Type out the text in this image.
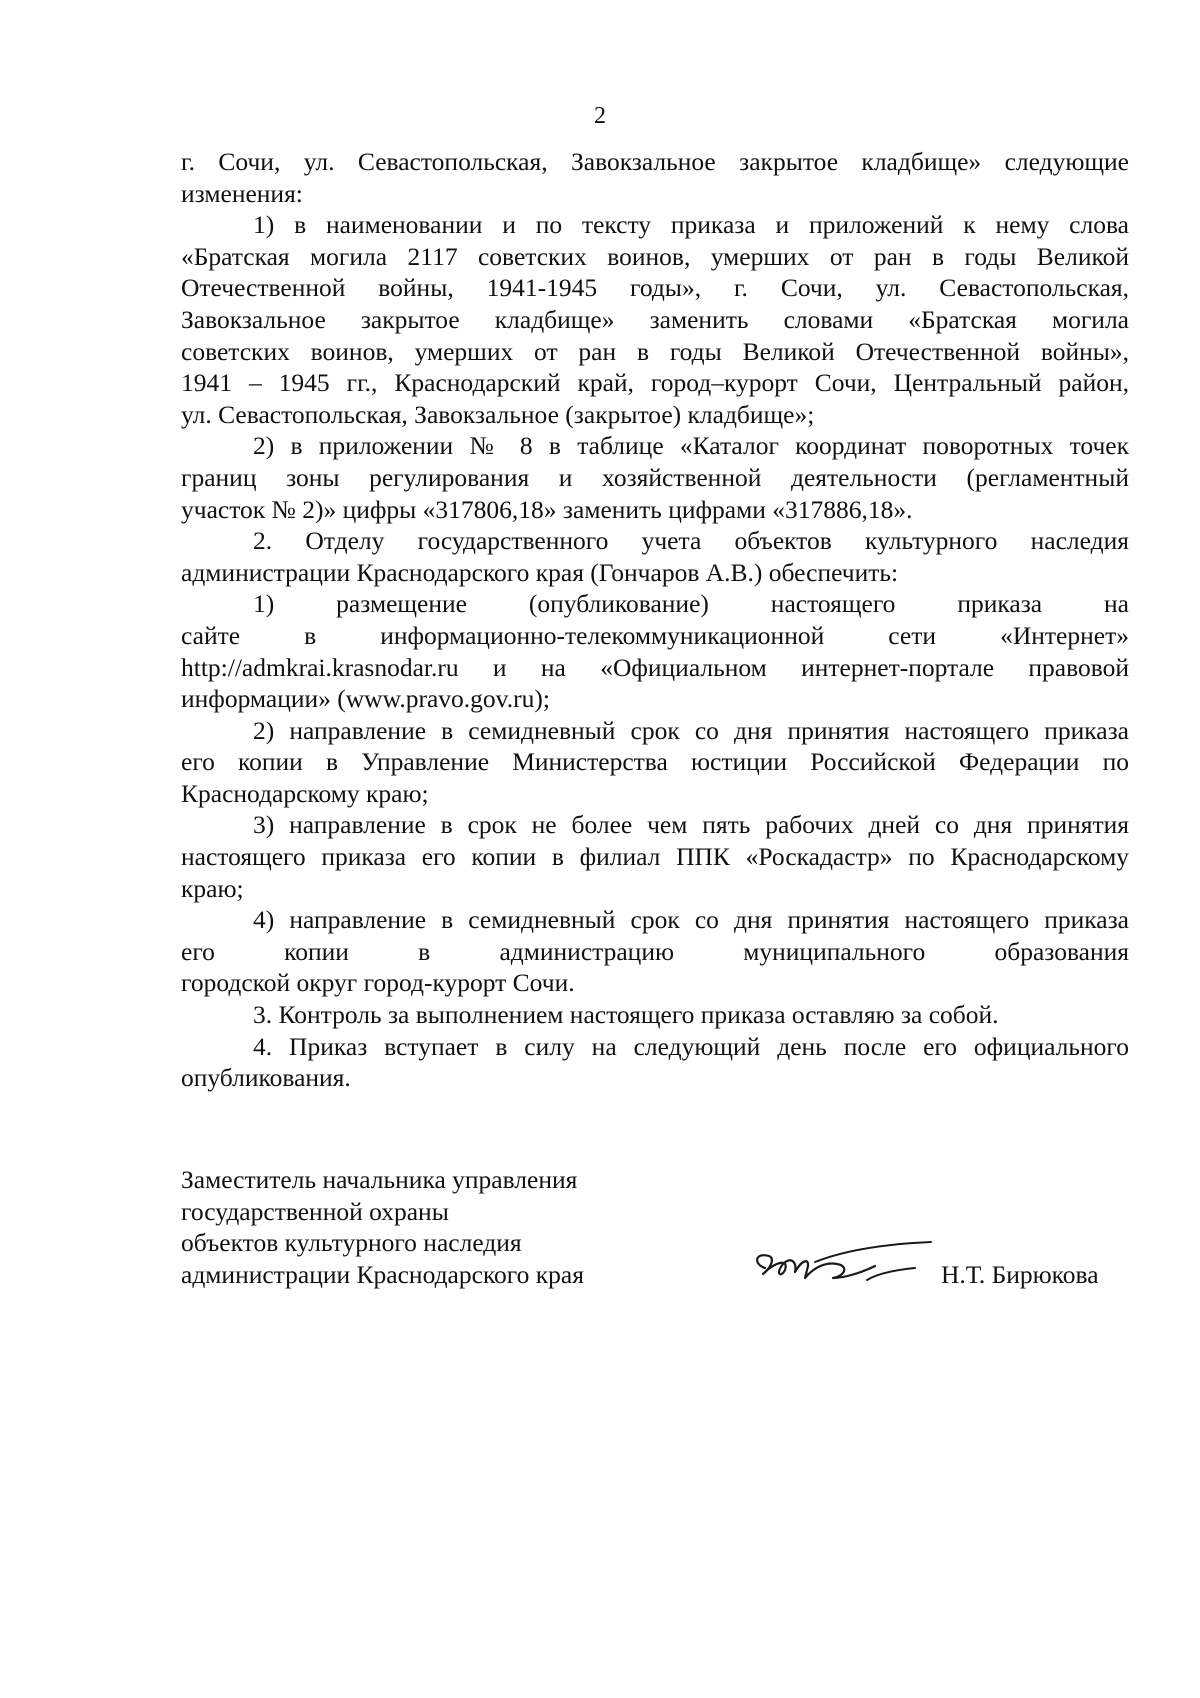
2
г. Сочи, ул. Севастопольская, Завокзальное закрытое кладбище» следующие
изменения:
1) в наименовании и по тексту приказа и приложений к нему слова
«Братская могила 2117 советских воинов, умерших от ран в годы Великой
Отечественной войны, 1941-1945 годы», г. Сочи, ул. Севастопольская,
Завокзальное закрытое кладбище» заменить словами «Братская могила
советских воинов, умерших от ран в годы Великой Отечественной войны»,
1941 – 1945 гг., Краснодарский край, город–курорт Сочи, Центральный район,
ул. Севастопольская, Завокзальное (закрытое) кладбище»;
2) в приложении № 8 в таблице «Каталог координат поворотных точек
границ зоны регулирования и хозяйственной деятельности (регламентный
участок № 2)» цифры «317806,18» заменить цифрами «317886,18».
2. Отделу государственного учета объектов культурного наследия
администрации Краснодарского края (Гончаров А.В.) обеспечить:
1) размещение (опубликование) настоящего приказа на
сайте в информационно-телекоммуникационной сети «Интернет»
http://admkrai.krasnodar.ru и на «Официальном интернет-портале правовой
информации» (www.pravo.gov.ru);
2) направление в семидневный срок со дня принятия настоящего приказа
его копии в Управление Министерства юстиции Российской Федерации по
Краснодарскому краю;
3) направление в срок не более чем пять рабочих дней со дня принятия
настоящего приказа его копии в филиал ППК «Роскадастр» по Краснодарскому
краю;
4) направление в семидневный срок со дня принятия настоящего приказа
его копии в администрацию муниципального образования
городской округ город-курорт Сочи.
3. Контроль за выполнением настоящего приказа оставляю за собой.
4. Приказ вступает в силу на следующий день после его официального
опубликования.
Заместитель начальника управления
государственной охраны
объектов культурного наследия
администрации Краснодарского края	Н.Т. Бирюкова
